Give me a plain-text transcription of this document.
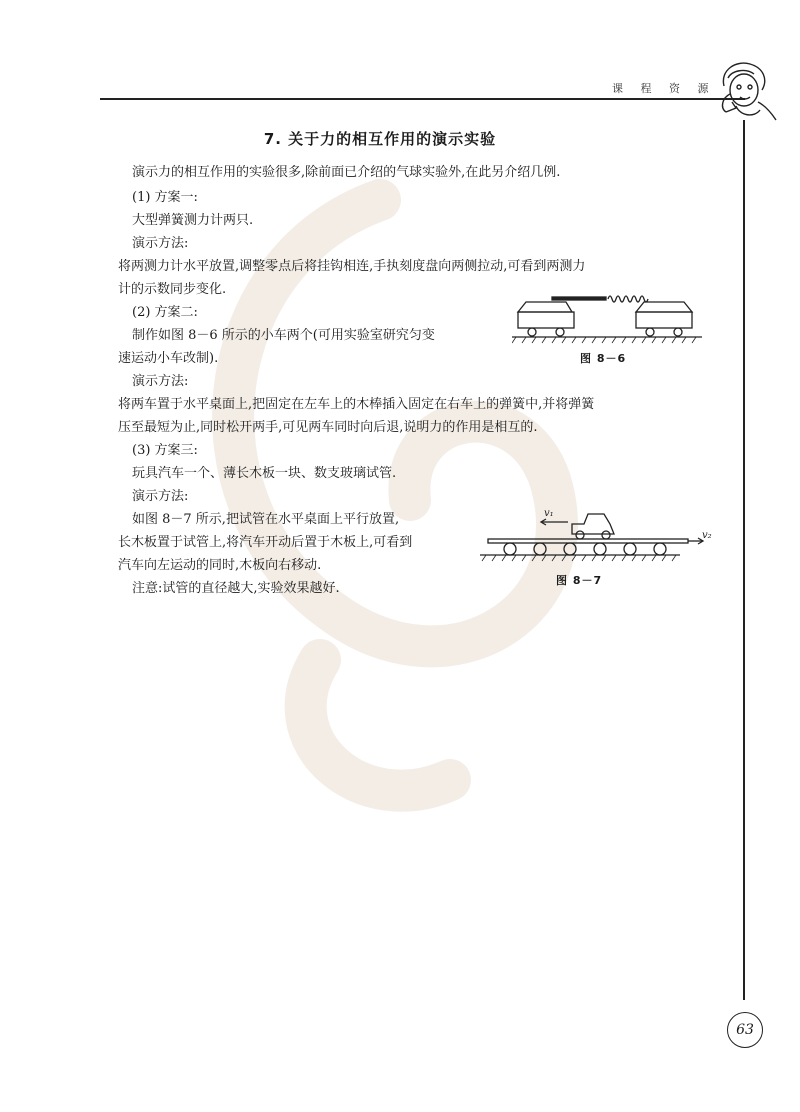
课 程 资 源
63
7. 关于力的相互作用的演示实验
演示力的相互作用的实验很多,除前面已介绍的气球实验外,在此另介绍几例.
(1) 方案一:
大型弹簧测力计两只.
演示方法:
将两测力计水平放置,调整零点后将挂钩相连,手执刻度盘向两侧拉动,可看到两测力
计的示数同步变化.
(2) 方案二:
制作如图 8－6 所示的小车两个(可用实验室研究匀变
速运动小车改制).
演示方法:
将两车置于水平桌面上,把固定在左车上的木棒插入固定在右车上的弹簧中,并将弹簧
压至最短为止,同时松开两手,可见两车同时向后退,说明力的作用是相互的.
(3) 方案三:
玩具汽车一个、薄长木板一块、数支玻璃试管.
演示方法:
如图 8－7 所示,把试管在水平桌面上平行放置,
长木板置于试管上,将汽车开动后置于木板上,可看到
汽车向左运动的同时,木板向右移动.
注意:试管的直径越大,实验效果越好.
图 8－6
v₁
v₂
图 8－7
